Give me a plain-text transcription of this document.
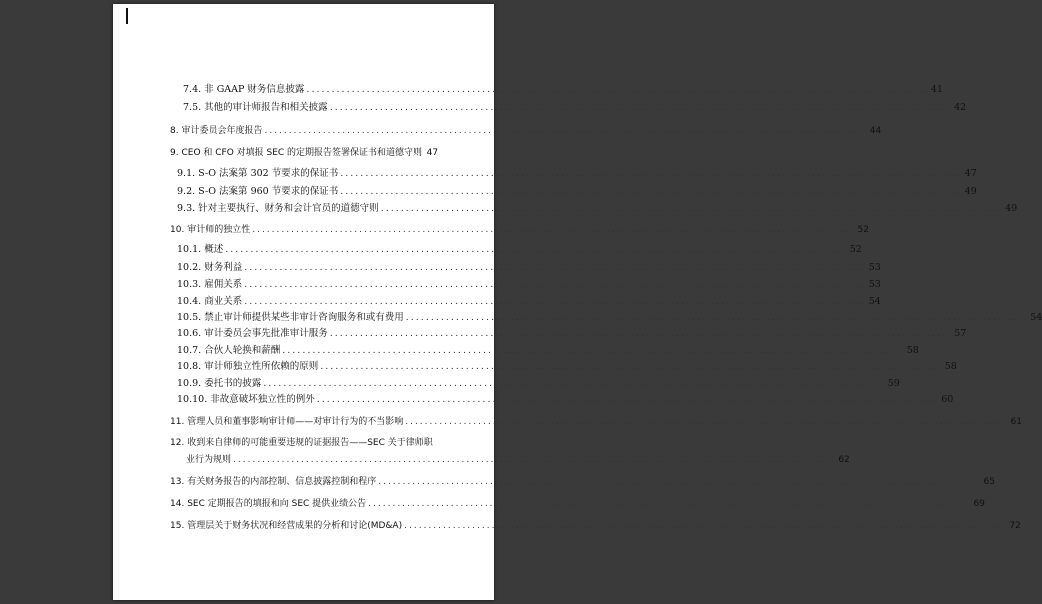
7.4. 非 GAAP 财务信息披露 ............................................................................................................................ 41
7.5. 其他的审计师报告和相关披露 ............................................................................................................................ 42
8. 审计委员会年度报告 ............................................................................................................................ 44
9. CEO 和 CFO 对填报 SEC 的定期报告签署保证书和道德守则 47
9.1. S-O 法案第 302 节要求的保证书 ............................................................................................................................ 47
9.2. S-O 法案第 960 节要求的保证书 ............................................................................................................................ 49
9.3. 针对主要执行、财务和会计官员的道德守则 ............................................................................................................................ 49
10. 审计师的独立性 ............................................................................................................................ 52
10.1. 概述 ............................................................................................................................ 52
10.2. 财务利益 ............................................................................................................................ 53
10.3. 雇佣关系 ............................................................................................................................ 53
10.4. 商业关系 ............................................................................................................................ 54
10.5. 禁止审计师提供某些非审计咨询服务和或有费用 ............................................................................................................................ 54
10.6. 审计委员会事先批准审计服务 ............................................................................................................................ 57
10.7. 合伙人轮换和薪酬 ............................................................................................................................ 58
10.8. 审计师独立性所依赖的原则 ............................................................................................................................ 58
10.9. 委托书的披露 ............................................................................................................................ 59
10.10. 非故意破坏独立性的例外 ............................................................................................................................ 60
11. 管理人员和董事影响审计师——对审计行为的不当影响 ............................................................................................................................ 61
业行为规则 ............................................................................................................................ 62
13. 有关财务报告的内部控制、信息披露控制和程序 ............................................................................................................................ 65
14. SEC 定期报告的填报和向 SEC 提供业绩公告 ............................................................................................................................ 69
15. 管理层关于财务状况和经营成果的分析和讨论(MD&A) ............................................................................................................................ 72
12. 收到来自律师的可能重要违规的证据报告——SEC 关于律师职
